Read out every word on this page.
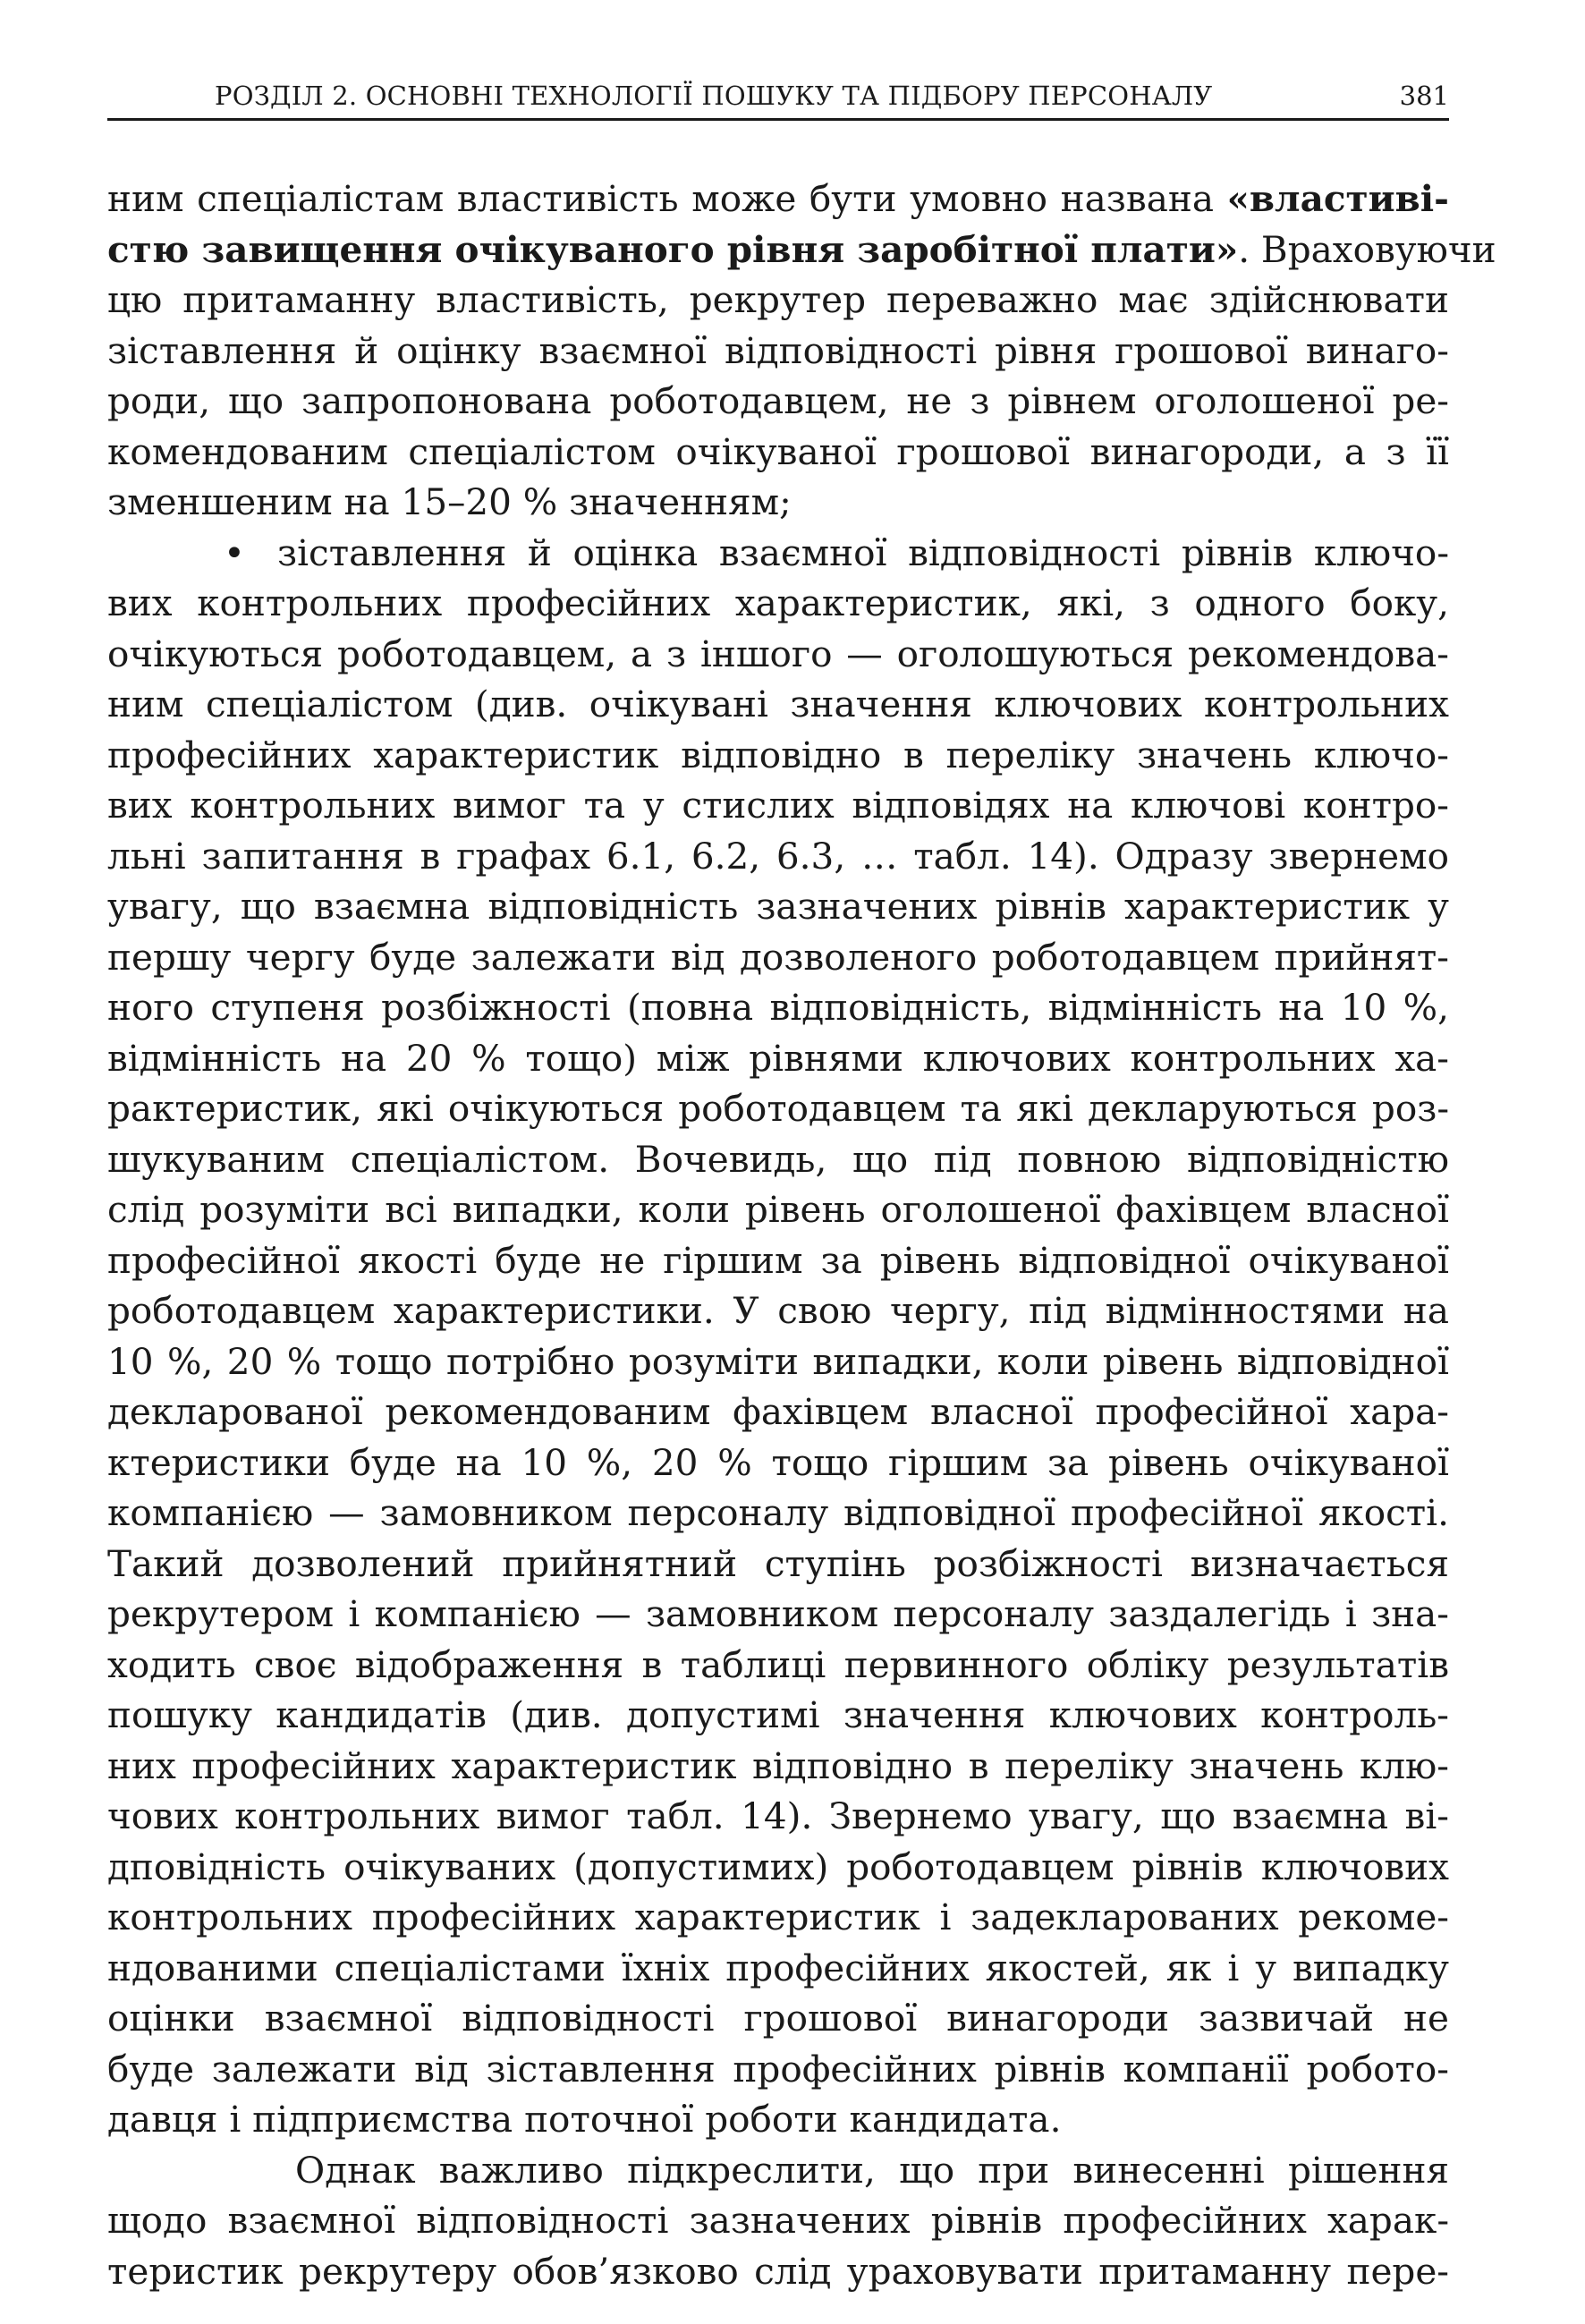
РОЗДІЛ 2. ОСНОВНІ ТЕХНОЛОГІЇ ПОШУКУ ТА ПІДБОРУ ПЕРСОНАЛУ	381
ним спеціалістам властивість може бути умовно названа «властиві-
стю завищення очікуваного рівня заробітної плати». Враховуючи
цю притаманну властивість, рекрутер переважно має здійснювати
зіставлення й оцінку взаємної відповідності рівня грошової винаго-
роди, що запропонована роботодавцем, не з рівнем оголошеної ре-
комендованим спеціалістом очікуваної грошової винагороди, а з її
зменшеним на 15–20 % значенням;
• зіставлення й оцінка взаємної відповідності рівнів ключо-
вих контрольних професійних характеристик, які, з одного боку,
очікуються роботодавцем, а з іншого — оголошуються рекомендова-
ним спеціалістом (див. очікувані значення ключових контрольних
професійних характеристик відповідно в переліку значень ключо-
вих контрольних вимог та у стислих відповідях на ключові контро-
льні запитання в графах 6.1, 6.2, 6.3, … табл. 14). Одразу звернемо
увагу, що взаємна відповідність зазначених рівнів характеристик у
першу чергу буде залежати від дозволеного роботодавцем прийнят-
ного ступеня розбіжності (повна відповідність, відмінність на 10 %,
відмінність на 20 % тощо) між рівнями ключових контрольних ха-
рактеристик, які очікуються роботодавцем та які декларуються роз-
шукуваним спеціалістом. Вочевидь, що під повною відповідністю
слід розуміти всі випадки, коли рівень оголошеної фахівцем власної
професійної якості буде не гіршим за рівень відповідної очікуваної
роботодавцем характеристики. У свою чергу, під відмінностями на
10 %, 20 % тощо потрібно розуміти випадки, коли рівень відповідної
декларованої рекомендованим фахівцем власної професійної хара-
ктеристики буде на 10 %, 20 % тощо гіршим за рівень очікуваної
компанією — замовником персоналу відповідної професійної якості.
Такий дозволений прийнятний ступінь розбіжності визначається
рекрутером і компанією — замовником персоналу заздалегідь і зна-
ходить своє відображення в таблиці первинного обліку результатів
пошуку кандидатів (див. допустимі значення ключових контроль-
них професійних характеристик відповідно в переліку значень клю-
чових контрольних вимог табл. 14). Звернемо увагу, що взаємна ві-
дповідність очікуваних (допустимих) роботодавцем рівнів ключових
контрольних професійних характеристик і задекларованих рекоме-
ндованими спеціалістами їхніх професійних якостей, як і у випадку
оцінки взаємної відповідності грошової винагороди зазвичай не
буде залежати від зіставлення професійних рівнів компанії робото-
давця і підприємства поточної роботи кандидата.
Однак важливо підкреслити, що при винесенні рішення
щодо взаємної відповідності зазначених рівнів професійних харак-
теристик рекрутеру обов’язково слід ураховувати притаманну пере-
